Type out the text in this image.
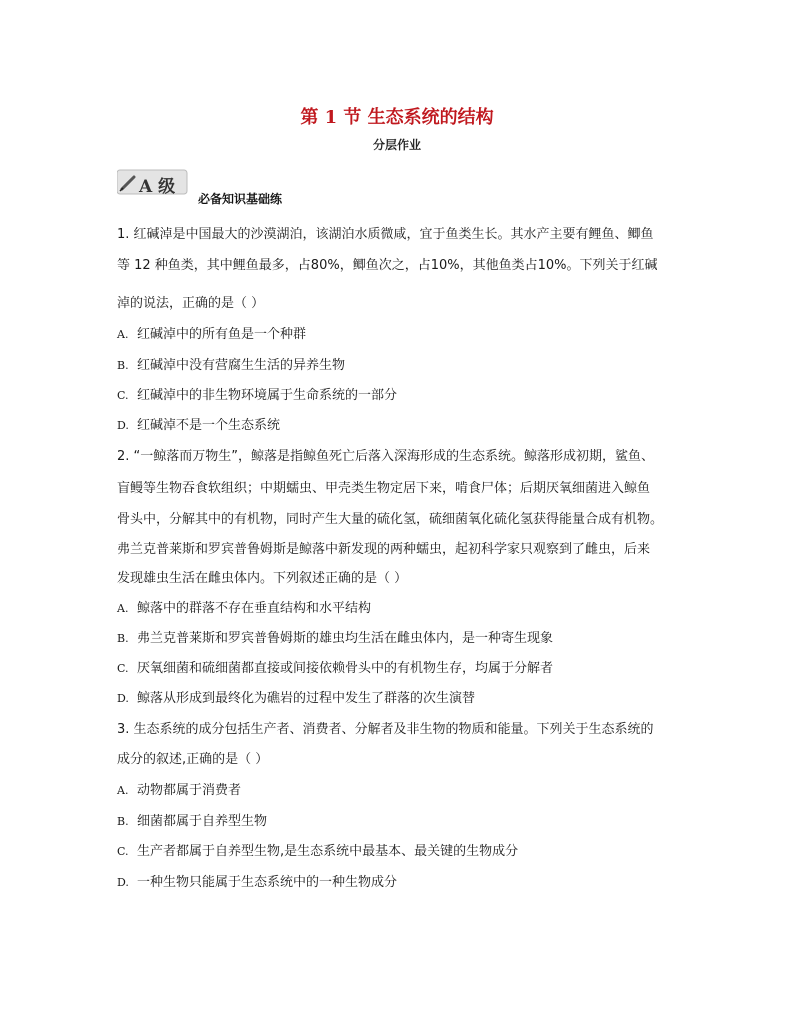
第 1 节 生态系统的结构
分层作业
A 级
必备知识基础练
1. 红碱淖是中国最大的沙漠湖泊，该湖泊水质微咸，宜于鱼类生长。其水产主要有鲤鱼、鲫鱼
等 12 种鱼类，其中鲤鱼最多，占80%，鲫鱼次之，占10%，其他鱼类占10%。下列关于红碱
淖的说法，正确的是（ ）
A. 红碱淖中的所有鱼是一个种群
B. 红碱淖中没有营腐生生活的异养生物
C. 红碱淖中的非生物环境属于生命系统的一部分
D. 红碱淖不是一个生态系统
2. “一鲸落而万物生”，鲸落是指鲸鱼死亡后落入深海形成的生态系统。鲸落形成初期，鲨鱼、
盲鳗等生物吞食软组织；中期蠕虫、甲壳类生物定居下来，啃食尸体；后期厌氧细菌进入鲸鱼
骨头中，分解其中的有机物，同时产生大量的硫化氢，硫细菌氧化硫化氢获得能量合成有机物。
弗兰克普莱斯和罗宾普鲁姆斯是鲸落中新发现的两种蠕虫，起初科学家只观察到了雌虫，后来
发现雄虫生活在雌虫体内。下列叙述正确的是（ ）
A. 鲸落中的群落不存在垂直结构和水平结构
B. 弗兰克普莱斯和罗宾普鲁姆斯的雄虫均生活在雌虫体内，是一种寄生现象
C. 厌氧细菌和硫细菌都直接或间接依赖骨头中的有机物生存，均属于分解者
D. 鲸落从形成到最终化为礁岩的过程中发生了群落的次生演替
3. 生态系统的成分包括生产者、消费者、分解者及非生物的物质和能量。下列关于生态系统的
成分的叙述,正确的是（ ）
A. 动物都属于消费者
B. 细菌都属于自养型生物
C. 生产者都属于自养型生物,是生态系统中最基本、最关键的生物成分
D. 一种生物只能属于生态系统中的一种生物成分
